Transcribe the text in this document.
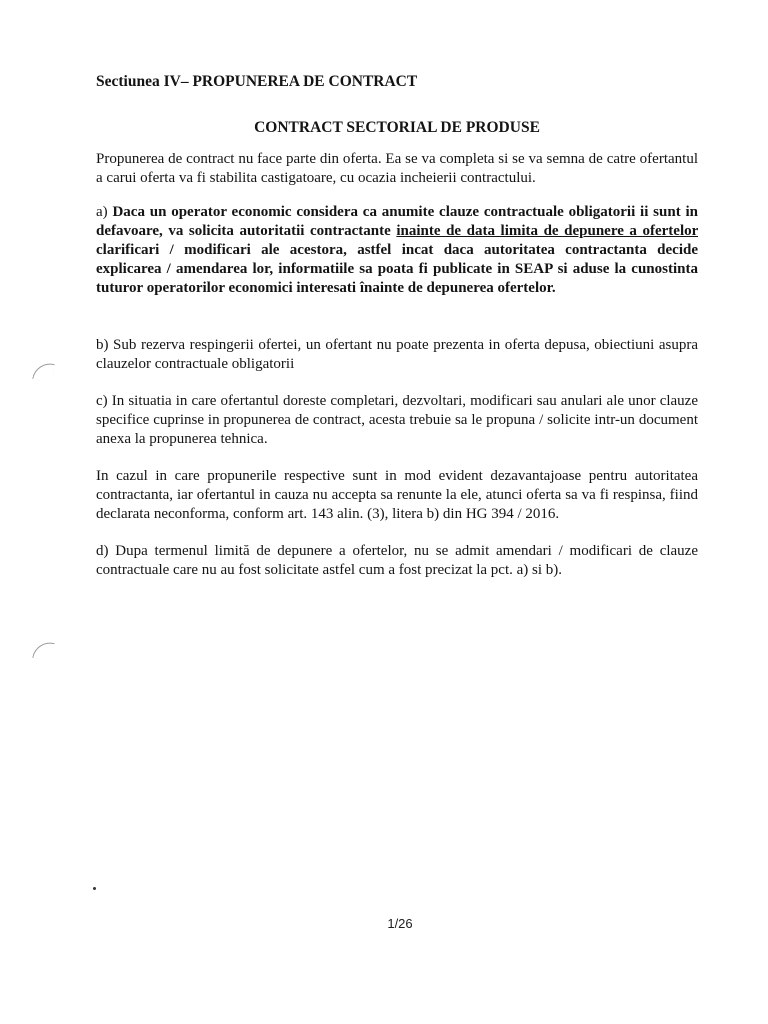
Sectiunea IV– PROPUNEREA DE CONTRACT
CONTRACT SECTORIAL DE PRODUSE

Propunerea de contract nu face parte din oferta. Ea se va completa si se va semna de catre ofertantul a carui oferta va fi stabilita castigatoare, cu ocazia incheierii contractului.

a) Daca un operator economic considera ca anumite clauze contractuale obligatorii ii sunt in defavoare, va solicita autoritatii contractante inainte de data limita de depunere a ofertelor clarificari / modificari ale acestora, astfel incat daca autoritatea contractanta decide explicarea / amendarea lor, informatiile sa poata fi publicate in SEAP si aduse la cunostinta tuturor operatorilor economici interesati înainte de depunerea ofertelor.

b) Sub rezerva respingerii ofertei, un ofertant nu poate prezenta in oferta depusa, obiectiuni asupra clauzelor contractuale obligatorii

c) In situatia in care ofertantul doreste completari, dezvoltari, modificari sau anulari ale unor clauze specifice cuprinse in propunerea de contract, acesta trebuie sa le propuna / solicite intr-un document anexa la propunerea tehnica.

In cazul in care propunerile respective sunt in mod evident dezavantajoase pentru autoritatea contractanta, iar ofertantul in cauza nu accepta sa renunte la ele, atunci oferta sa va fi respinsa, fiind declarata neconforma, conform art. 143 alin. (3), litera b) din HG 394 / 2016.

d) Dupa termenul limită de depunere a ofertelor, nu se admit amendari / modificari de clauze contractuale care nu au fost solicitate astfel cum a fost precizat la pct. a) si b).

1/26
